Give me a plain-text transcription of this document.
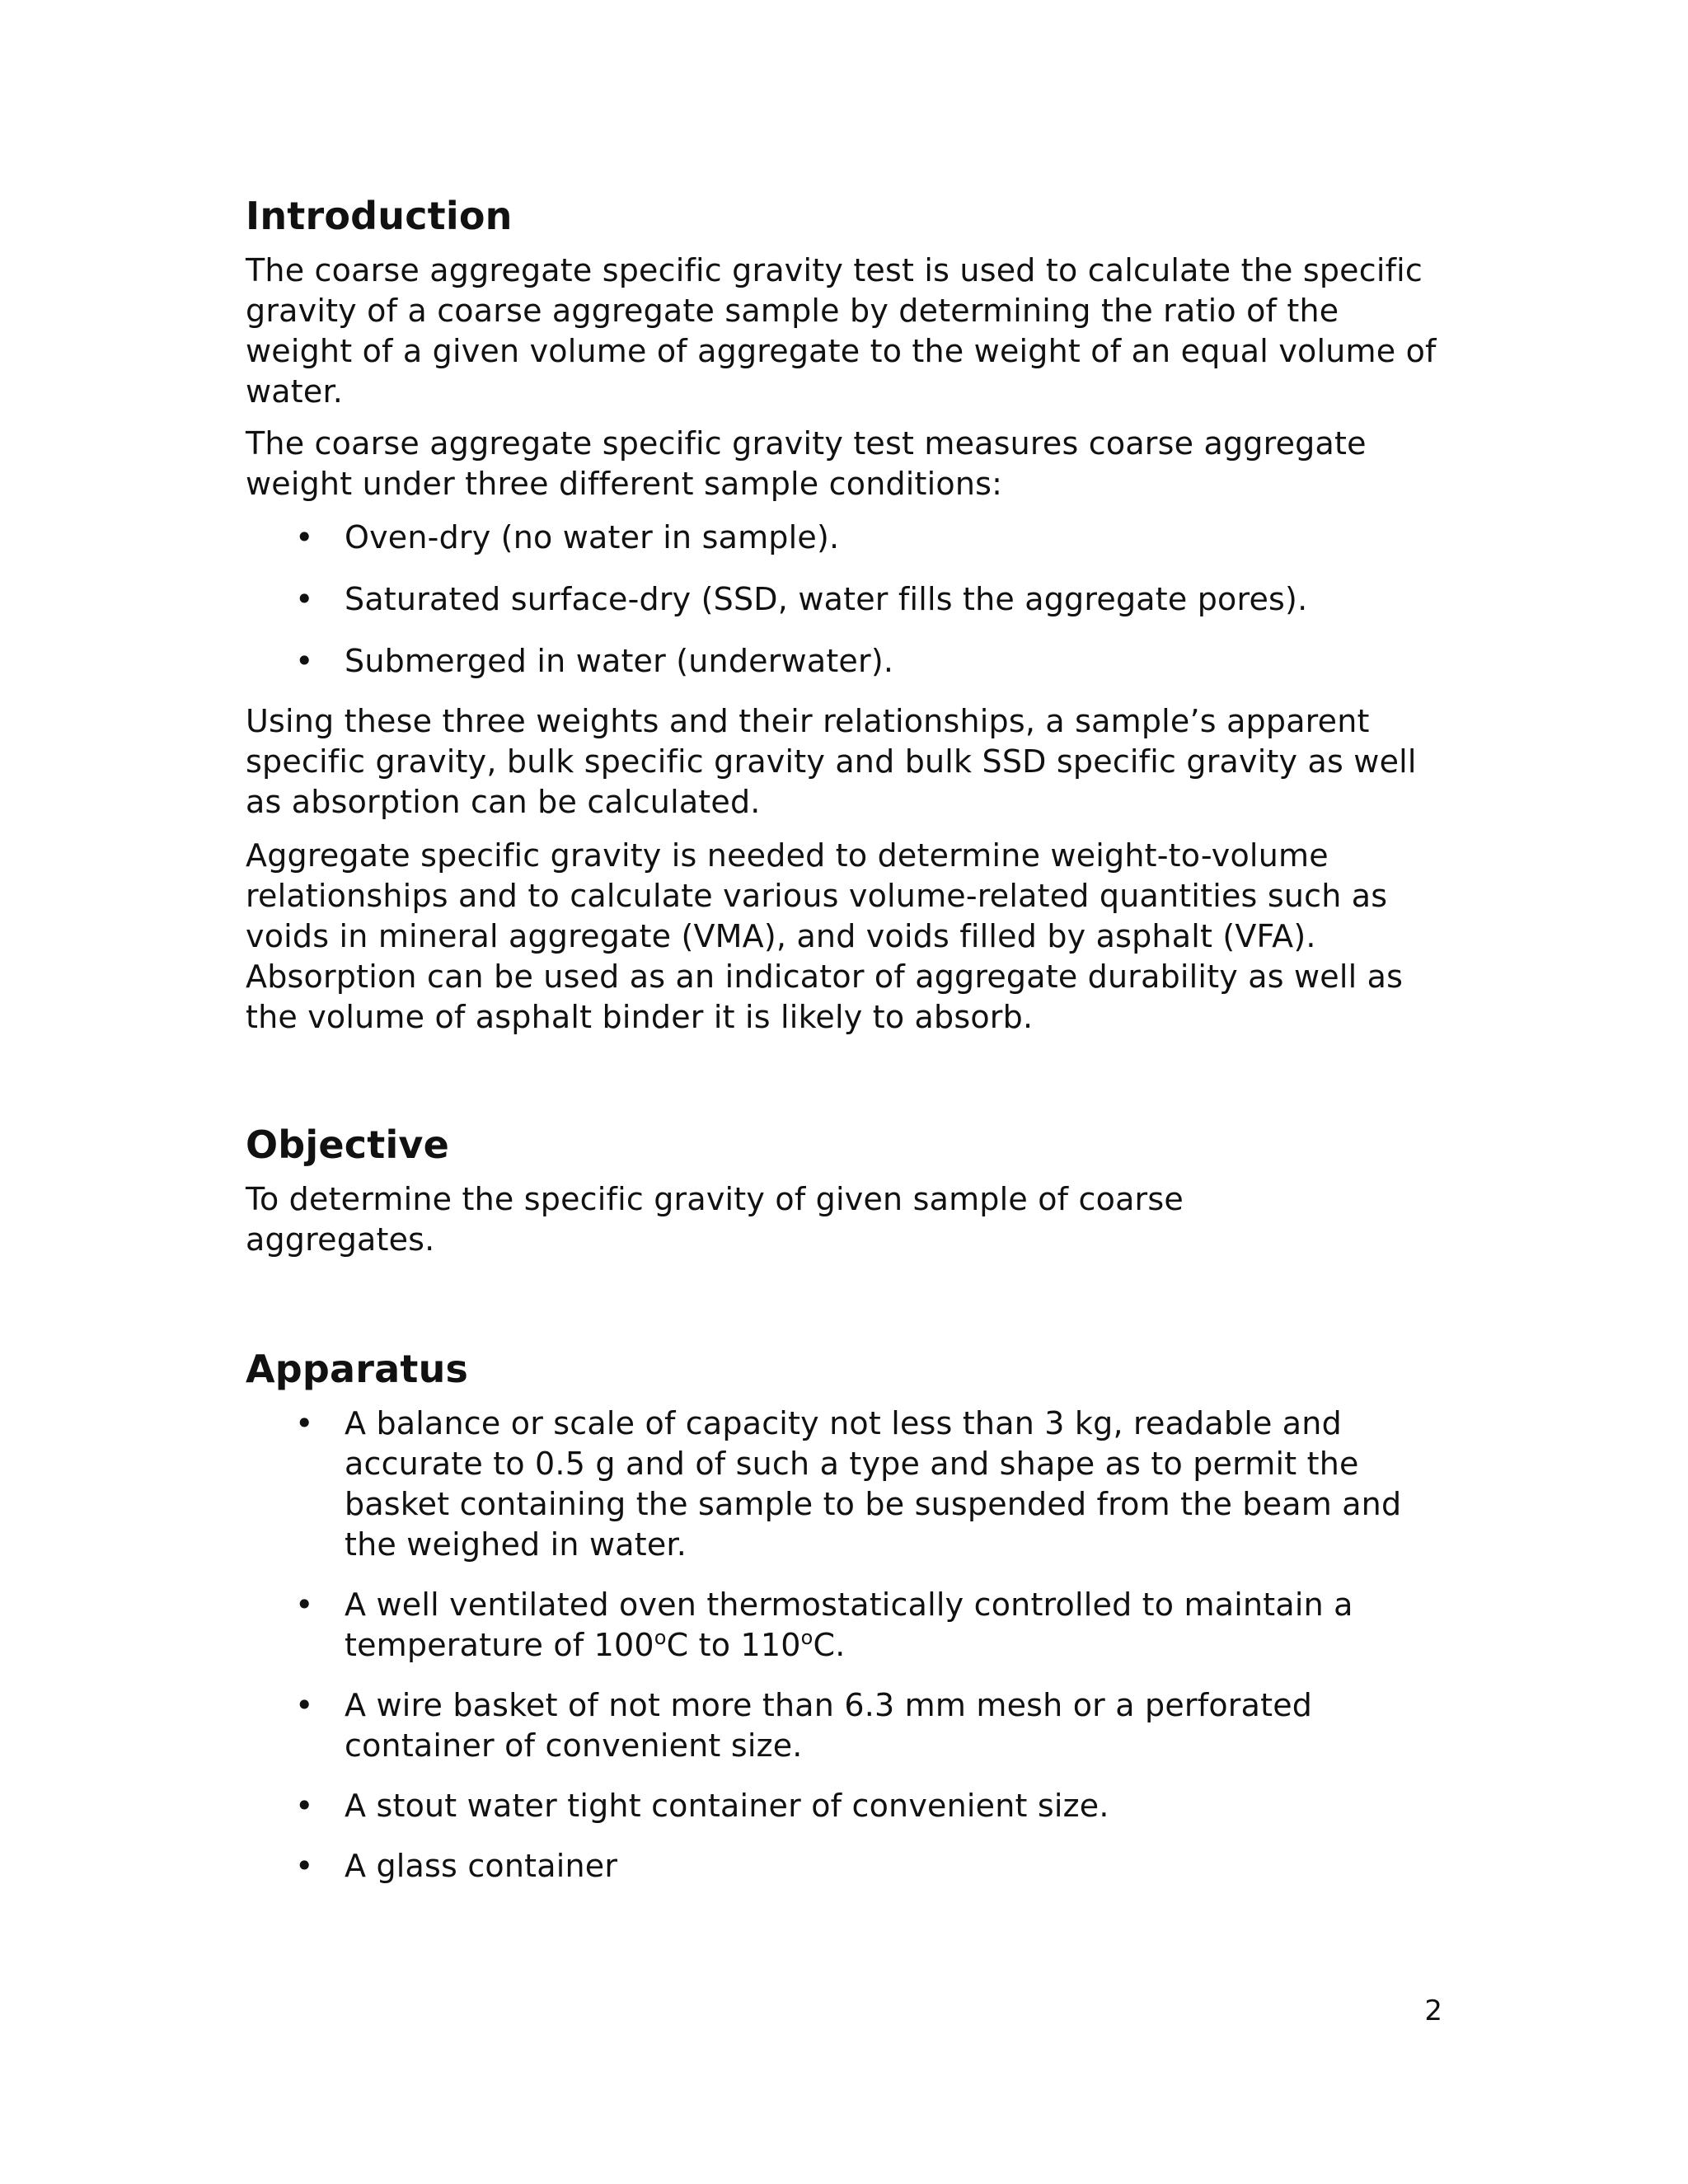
Introduction

The coarse aggregate specific gravity test is used to calculate the specific gravity of a coarse aggregate sample by determining the ratio of the weight of a given volume of aggregate to the weight of an equal volume of water.

The coarse aggregate specific gravity test measures coarse aggregate weight under three different sample conditions:

• Oven-dry (no water in sample).
• Saturated surface-dry (SSD, water fills the aggregate pores).
• Submerged in water (underwater).

Using these three weights and their relationships, a sample’s apparent specific gravity, bulk specific gravity and bulk SSD specific gravity as well as absorption can be calculated.

Aggregate specific gravity is needed to determine weight-to-volume relationships and to calculate various volume-related quantities such as voids in mineral aggregate (VMA), and voids filled by asphalt (VFA). Absorption can be used as an indicator of aggregate durability as well as the volume of asphalt binder it is likely to absorb.

Objective

To determine the specific gravity of given sample of coarse aggregates.

Apparatus
• A balance or scale of capacity not less than 3 kg, readable and accurate to 0.5 g and of such a type and shape as to permit the basket containing the sample to be suspended from the beam and the weighed in water.
• A well ventilated oven thermostatically controlled to maintain a temperature of 100$^o$C to 110$^o$C.
• A wire basket of not more than 6.3 mm mesh or a perforated container of convenient size.
• A stout water tight container of convenient size.
• A glass container
2
